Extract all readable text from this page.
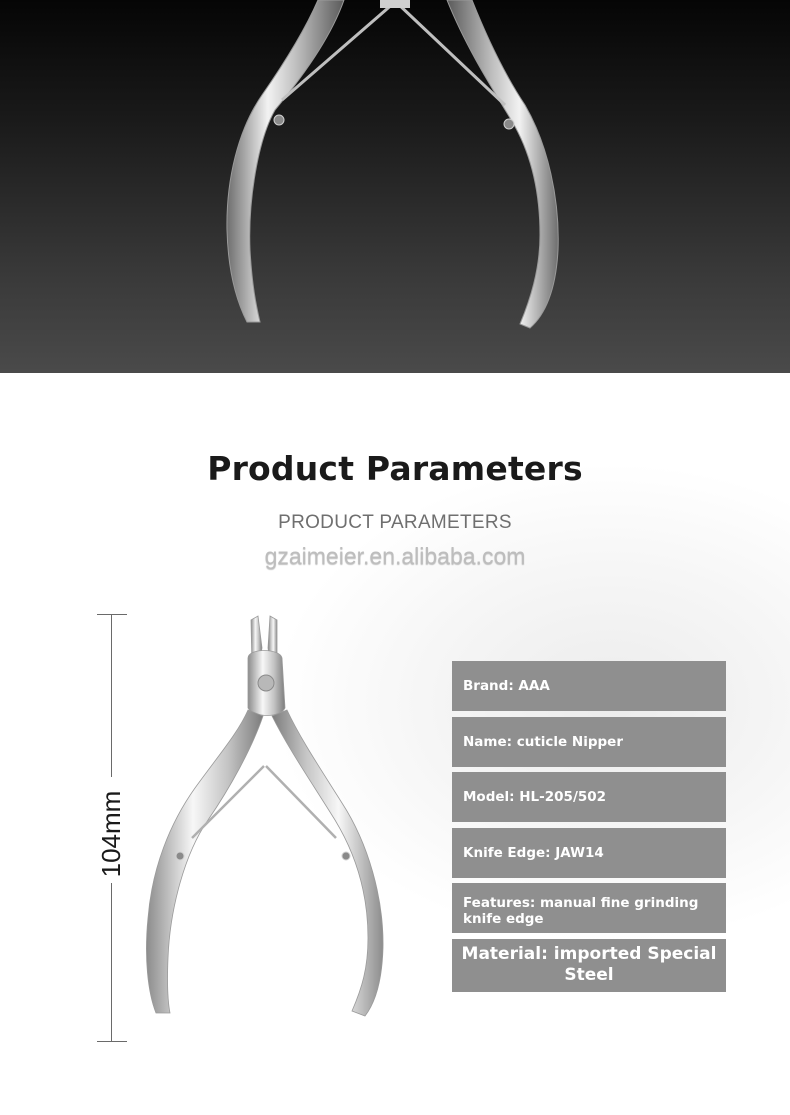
Product Parameters
PRODUCT PARAMETERS
gzaimeier.en.alibaba.com
104mm
Brand: AAA
Name: cuticle Nipper
Model: HL-205/502
Knife Edge: JAW14
Features: manual fine grinding knife edge
Material: imported Special Steel
